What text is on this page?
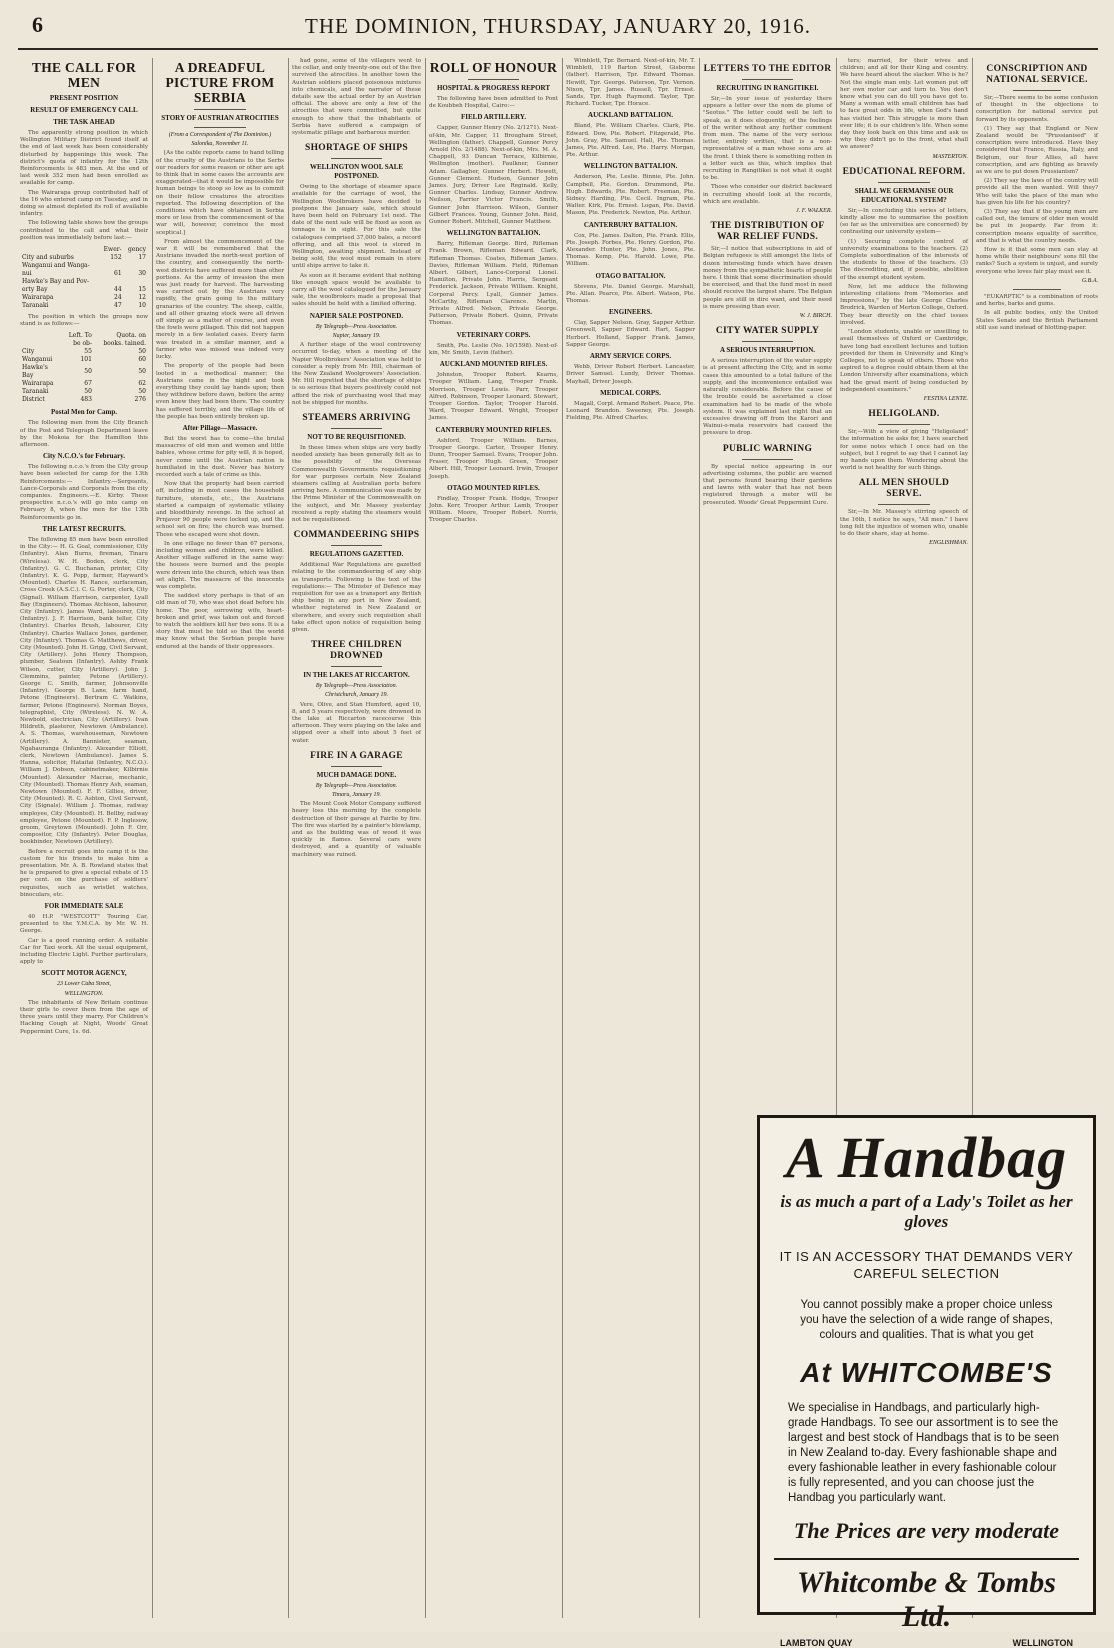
6	THE DOMINION, THURSDAY, JANUARY 20, 1916.
THE CALL FOR MEN
PRESENT POSITION
RESULT OF EMERGENCY CALL
THE TASK AHEAD

The apparently strong position in which Wellington Military District found itself at the end of last week has been considerably disturbed by happenings this week. The district's quota of infantry for the 12th Reinforcements is 483 men. At the end of last week 352 men had been enrolled as available for camp.

The Wairarapa group contributed half of the 16 who entered camp on Tuesday, and in doing so almost depleted its roll of available infantry.

The following table shows how the groups contributed to the call and what their position was immediately before last:—

	Ewer-	gency
City and suburbs	152	17
Wanganui and Wanga-		
nui	61	30
Hawke's Bay and Pov-		
erty Bay	44	15
Wairarapa	24	12
Taranaki	47	10

The position in which the groups now stand is as follows:—

	Left. To be ob-	Quota. on books. tained.
City	55	50
Wanganui	101	60
Hawke's Bay	50	50
Wairarapa	67	62
Taranaki	50	50
District	483	276
Postal Men for Camp.

The following men from the City Branch of the Post and Telegraph Department leave by the Mokoia for the Hamilton this afternoon.

City N.C.O.'s for February.

The following n.c.o.'s from the City group have been selected for camp for the 13th Reinforcements:— Infantry.—Sergeants, Lance-Corporals and Corporals from the city companies. Engineers.—E. Kirby. These prospective n.c.o.'s will go into camp on February 8, when the men for the 13th Reinforcements go in.

THE LATEST RECRUITS.

The following 85 men have been enrolled in the City:— H. G. Goal, commissioner, City (Infantry). Alan Burns, fireman, Tinaru (Wirelesa). W. H. Boden, clerk, City (Infantry). G. C. Buchanan, printer, City (Infantry). K. G. Popp, farmer, Hayward's (Mounted). Charles H. Rance, surfaceman, Cross Creek (A.S.C.). C. G. Porter, clerk, City (Signal). William Harrison, carpenter, Lyall Bay (Engineers). Thomas Atchison, labourer, City (Infantry). James Ward, labourer, City (Infantry). J. F. Harrison, bank teller, City (Infantry). Charles Brush, labourer, City (Infantry). Charles Wallace Jones, gardener, City (Infantry). Thomas G. Matthews, driver, City (Mounted). John H. Grigg, Civil Servant, City (Artillery). John Henry Thompson, plumber, Seatoun (Infantry). Ashby Frank Wilson, cutter, City (Artillery). John J. Clemmins, painter, Petone (Artillery). George C. Smith, farmer, Johnsonville (Infantry). George B. Lane, farm hand, Petone (Engineers). Bertram C. Watkins, farmer, Petone (Engineers). Norman Boyes, telegraphist, City (Wireless). N. W. A. Newbold, electrician, City (Artillery). Ivan Hildreth, plasterer, Newtown (Ambulance). A. S. Thomas, warehouseman, Newtown (Artillery). A. Bannister, seaman, Ngahauranga (Infantry). Alexander Elliott, clerk, Newtown (Ambulance). James S. Hanna, solicitor, Hataitai (Infantry, N.C.O.). William J. Dobson, cabinetmaker, Kilbirnie (Mounted). Alexander Macrae, mechanic, City (Mounted). Thomas Henry Ash, seaman, Newtown (Mounted). F. F. Gillies, driver, City (Mounted). R. C. Ashton, Civil Servant, City (Signals). William J. Thomas, railway employee, City (Mounted). H. Bellby, railway employee, Petone (Mounted). F. P. Inglesow, groom, Greytown (Mounted). John F. Orr, compositor, City (Infantry). Peter Douglas, bookbinder, Newtown (Artillery).

Before a recruit goes into camp it is the custom for his friends to make him a presentation. Mr. A. B. Rowland states that he is prepared to give a special rebate of 15 per cent. on the purchase of soldiers' requisites, such as wristlet watches, binoculars, etc.

FOR IMMEDIATE SALE

40 H.P. "WESTCOTT" Touring Car, presented to the Y.M.C.A. by Mr. W. H. George.

Car is a good running order. A suitable Car for Taxi work. All the usual equipment, including Electric Light. Further particulars, apply to

SCOTT MOTOR AGENCY,
23 Lower Cuba Street,
WELLINGTON.

The inhabitants of New Britain continue their girls to cover them from the age of three years until they marry. For Children's Hacking Cough at Night, Woods' Great Peppermint Cure, 1s. 6d.

A DREADFUL PICTURE FROM SERBIA
STORY OF AUSTRIAN ATROCITIES
(From a Correspondent of The Dominion.)
Salonika, November 11.

[As the cable reports came to hand telling of the cruelty of the Austrians to the Serbs our readers for some reason or other are apt to think that in some cases the accounts are exaggerated—that it would be impossible for human beings to stoop so low as to commit on their fellow creatures the atrocities reported. The following description of the conditions which have obtained in Serbia more or less from the commencement of the war will, however, convince the most sceptical.]

From almost the commencement of the war it will be remembered that the Austrians invaded the north-west portion of the country, and consequently the north-west districts have suffered more than other portions. As the army of invasion the men was just ready for harvest. The harvesting was carried out by the Austrians very rapidly, the grain going to the military granaries of the country. The sheep, cattle, and all other grazing stock were all driven off simply as a matter of course, and even the fowls were pillaged. This did not happen merely in a few isolated cases. Every farm was treated in a similar manner, and a farmer who was missed was indeed very lucky.

The property of the people had been looted in a methodical manner; the Austrians came in the night and took everything they could lay hands upon; then they withdrew before dawn, before the army even knew they had been there. The country has suffered terribly, and the village life of the people has been entirely broken up.

After Pillage—Massacre.

But the worst has to come—the brutal massacres of old men and women and little babies, whose crime for pity will, it is hoped, never come until the Austrian nation is humiliated in the dust. Never has history recorded such a tale of crime as this.

Now that the property had been carried off, including in most cases the household furniture, utensils, etc., the Austrians started a campaign of systematic villainy and bloodthirsty revenge. In the school at Prnjavor 90 people were locked up, and the school set on fire; the church was burned. Those who escaped were shot down.

In one village no fewer than 67 persons, including women and children, were killed. Another village suffered in the same way: the houses were burned and the people were driven into the church, which was then set alight. The massacre of the innocents was complete.

The saddest story perhaps is that of an old man of 70, who was shot dead before his home. The poor, sorrowing wife, heart-broken and grief, was taken out and forced to watch the soldiers kill her two sons. It is a story that must be told so that the world may know what the Serbian people have endured at the hands of their oppressors.

had gone, some of the villagers went to the cellar, and only twenty-one out of the five survived the atrocities. In another town the Austrian soldiers placed poisonous mixtures into chemicals, and the narrator of these details saw the actual order by an Austrian official. The above are only a few of the atrocities that were committed, but quite enough to show that the inhabitants of Serbia have suffered a campaign of systematic pillage and barbarous murder.

SHORTAGE OF SHIPS
WELLINGTON WOOL SALE POSTPONED.

Owing to the shortage of steamer space available for the carriage of wool, the Wellington Woolbrokers have decided to postpone the January sale, which should have been held on February 1st next. The date of the next sale will be fixed as soon as tonnage is in sight. For this sale the catalogues comprised 37,000 bales, a record offering, and all this wool is stored in Wellington, awaiting shipment. Instead of being sold, the wool must remain in store until ships arrive to take it.

As soon as it became evident that nothing like enough space would be available to carry all the wool catalogued for the January sale, the woolbrokers made a proposal that sales should be held with a limited offering.

NAPIER SALE POSTPONED.
By Telegraph—Press Association.
Napier, January 19.

A further stage of the wool controversy occurred to-day, when a meeting of the Napier Woolbrokers' Association was held to consider a reply from Mr. Hill, chairman of the New Zealand Woolgrowers' Association. Mr. Hill regretted that the shortage of ships is so serious that buyers positively could not afford the risk of purchasing wool that may not be shipped for months.

STEAMERS ARRIVING
NOT TO BE REQUISITIONED.

In these times when ships are very badly needed anxiety has been generally felt as to the possibility of the Overseas Commonwealth Governments requisitioning for war purposes certain New Zealand steamers calling at Australian ports before arriving here. A communication was made by the Prime Minister of the Commonwealth on the subject, and Mr. Massey yesterday received a reply stating the steamers would not be requisitioned.

COMMANDEERING SHIPS
REGULATIONS GAZETTED.

Additional War Regulations are gazetted relating to the commandeering of any ship as transports. Following is the text of the regulations:— The Minister of Defence may requisition for use as a transport any British ship being in any port in New Zealand, whether registered in New Zealand or elsewhere, and every such requisition shall take effect upon notice of requisition being given.

THREE CHILDREN DROWNED
IN THE LAKES AT RICCARTON.
By Telegraph—Press Association.
Christchurch, January 19.

Vere, Olive, and Stan Humford, aged 10, 8, and 5 years respectively, were drowned in the lake at Riccarton racecourse this afternoon. They were playing on the lake and slipped over a shelf into about 5 feet of water.

FIRE IN A GARAGE
MUCH DAMAGE DONE.
By Telegraph—Press Association.
Timaru, January 19.

The Mount Cook Motor Company suffered heavy loss this morning by the complete destruction of their garage at Fairlie by fire. The fire was started by a painter's blowlamp, and as the building was of wood it was quickly in flames. Several cars were destroyed, and a quantity of valuable machinery was ruined.

ROLL OF HONOUR
HOSPITAL & PROGRESS REPORT

The following have been admitted to Pont de Koubbeh Hospital, Cairo:—

FIELD ARTILLERY.

Capper, Gunner Henry (No. 2/1271). Next-of-kin, Mr. Capper, 11 Brougham Street, Wellington (father). Chappell, Gunner Percy Arnold (No. 2/1488). Next-of-kin, Mrs. M. A. Chappell, 93 Duncan Terrace, Kilbirnie, Wellington (mother). Faulkner, Gunner Adam. Gallagher, Gunner Herbert. Hewett, Gunner Clement. Hudson, Gunner John James. Jury, Driver Lee Reginald. Kelly, Gunner Charles. Lindsay, Gunner Andrew. Neilson, Farrier Victor Francis. Smith, Gunner John Harrison. Wilson, Gunner Gilbert Frances. Young, Gunner John. Reid, Gunner Robert. Mitchell, Gunner Matthew.

WELLINGTON BATTALION.

Barry, Rifleman George. Bird, Rifleman Frank. Brown, Rifleman Edward. Clark, Rifleman Thomas. Coates, Rifleman James. Davies, Rifleman William. Field, Rifleman Albert. Gilbert, Lance-Corporal Lionel. Hamilton, Private John. Harris, Sergeant Frederick. Jackson, Private William. Knight, Corporal Percy. Lyall, Gunner James. McCarthy, Rifleman Clarence. Martin, Private Alfred. Nelson, Private George. Patterson, Private Robert. Quinn, Private Thomas.

VETERINARY CORPS.

Smith, Pte. Leslie (No. 10/1598). Next-of-kin, Mr. Smith, Levin (father).

AUCKLAND MOUNTED RIFLES.

Johnston, Trooper Robert. Kearns, Trooper William. Lang, Trooper Frank. Morrison, Trooper Lewis. Parr, Trooper Alfred. Robinson, Trooper Leonard. Stewart, Trooper Gordon. Taylor, Trooper Harold. Ward, Trooper Edward. Wright, Trooper James.

CANTERBURY MOUNTED RIFLES.

Ashford, Trooper William. Barnes, Trooper George. Carter, Trooper Henry. Dunn, Trooper Samuel. Evans, Trooper John. Fraser, Trooper Hugh. Green, Trooper Albert. Hill, Trooper Leonard. Irwin, Trooper Joseph.

OTAGO MOUNTED RIFLES.

Findlay, Trooper Frank. Hodge, Trooper John. Kerr, Trooper Arthur. Lamb, Trooper William. Moore, Trooper Robert. Norris, Trooper Charles.

Wimblett, Tpr. Bernard. Next-of-kin, Mr. T. Wimblett, 119 Barton Street, Gisborne (father). Harrison, Tpr. Edward Thomas. Hewitt, Tpr. George. Paterson, Tpr. Vernon. Nixon, Tpr. James. Russell, Tpr. Ernest. Sands, Tpr. Hugh Raymond. Taylor, Tpr. Richard. Tucker, Tpr. Horace.

AUCKLAND BATTALION.

Bland, Pte. William Charles. Clark, Pte. Edward. Dow, Pte. Robert. Fitzgerald, Pte. John. Gray, Pte. Samuel. Hall, Pte. Thomas. James, Pte. Alfred. Lee, Pte. Harry. Morgan, Pte. Arthur.

WELLINGTON BATTALION.

Anderson, Pte. Leslie. Binnie, Pte. John. Campbell, Pte. Gordon. Drummond, Pte. Hugh. Edwards, Pte. Robert. Freeman, Pte. Sidney. Harding, Pte. Cecil. Ingram, Pte. Walter. Kirk, Pte. Ernest. Logan, Pte. David. Mason, Pte. Frederick. Newton, Pte. Arthur.

CANTERBURY BATTALION.

Cox, Pte. James. Dalton, Pte. Frank. Ellis, Pte. Joseph. Forbes, Pte. Henry. Gordon, Pte. Alexander. Hunter, Pte. John. Jones, Pte. Thomas. Kemp, Pte. Harold. Lowe, Pte. William.

OTAGO BATTALION.

Stevens, Pte. Daniel George. Marshall, Pte. Allan. Pearce, Pte. Albert. Watson, Pte. Thomas.

ENGINEERS.

Clay, Sapper Nelson. Gray, Sapper Arthur. Greenwell, Sapper Edward. Hart, Sapper Herbert. Holland, Sapper Frank. James, Sapper George.

ARMY SERVICE CORPS.

Webb, Driver Robert Herbert. Lancaster, Driver Samuel. Lundy, Driver Thomas. Mayhall, Driver Joseph.

MEDICAL CORPS.

Magall, Corpl. Armand Robert. Peace, Pte. Leonard Brandon. Sweeney, Pte. Joseph. Fielding, Pte. Alfred Charles.

LETTERS TO THE EDITOR
RECRUITING IN RANGITIKEI.

Sir,—In your issue of yesterday there appears a letter over the nom de plume of "Seotus." The letter could well be left to speak, as it does eloquently, of the feelings of the writer without any further comment from men. The name of the very serious letter, entirely written, that is a non-representative of a man whose sons are at the front. I think there is something rotten in a letter such as this, which implies that recruiting in Rangitikei is not what it ought to be.

Those who consider our district backward in recruiting should look at the records, which are available.

J. F. WALKER.
THE DISTRIBUTION OF WAR RELIEF FUNDS.

Sir,—I notice that subscriptions in aid of Belgian refugees is still amongst the lists of dozen interesting funds which have drawn money from the sympathetic hearts of people here. I think that some discrimination should be exercised, and that the fund most in need should receive the largest share. The Belgian people are still in dire want, and their need is more pressing than ever.

W. J. BIRCH.
CITY WATER SUPPLY
A SERIOUS INTERRUPTION.

A serious interruption of the water supply is at present affecting the City, and in some cases this amounted to a total failure of the supply, and the inconvenience entailed was naturally considerable. Before the cause of the trouble could be ascertained a close examination had to be made of the whole system. It was explained last night that an excessive drawing off from the Karori and Wainui-o-mata reservoirs had caused the pressure to drop.

PUBLIC WARNING

By special notice appearing in our advertising columns, the public are warned that persons found bearing their gardens and lawns with water that has not been registered through a meter will be prosecuted. Woods' Great Peppermint Cure.

ters; married, for their wives and children; and all for their King and country. We have heard about the slacker. Who is he? Not the single man only. Let women put off her own motor car and turn to. You don't know what you can do till you have got to. Many a woman with small children has had to face great odds in life, when God's hand has visited her. This struggle is more than ever life; it is our children's life. When some day they look back on this time and ask us why they didn't go to the front, what shall we answer?

MASTERTON.
EDUCATIONAL REFORM.
SHALL WE GERMANISE OUR EDUCATIONAL SYSTEM?

Sir,—In concluding this series of letters, kindly allow me to summarise the position (so far as the universities are concerned) by contrasting our university system—

(1) Securing complete control of university examinations to the teachers. (2) Complete subordination of the interests of the students to those of the teachers. (3) The discrediting, and, if possible, abolition of the exempt student system.

Now, let me adduce the following interesting citations from "Memories and Impressions," by the late George Charles Brodrick, Warden of Merton College, Oxford. They bear directly on the chief issues involved.

"London students, unable or unwilling to avail themselves of Oxford or Cambridge, have long had excellent lectures and tuition provided for them in University and King's Colleges, not to speak of others. Those who aspired to a degree could obtain them at the London University after examinations, which had the great merit of being conducted by independent examiners."

FESTINA LENTE.
HELIGOLAND.

Sir,—With a view of giving "Heligoland" the information he asks for, I have searched for some notes which I once had on the subject, but I regret to say that I cannot lay my hands upon them. Wondering about the world is not healthy for such things.

ALL MEN SHOULD SERVE.

Sir,—In Mr. Massey's stirring speech of the 16th, I notice he says, "All men." I have long felt the injustice of women who, unable to do their share, stay at home.

ENGLISHMAN.
CONSCRIPTION AND NATIONAL SERVICE.

Sir,—There seems to be some confusion of thought in the objections to conscription for national service put forward by its opponents.

(1) They say that England or New Zealand would be "Prussianised" if conscription were introduced. Have they considered that France, Russia, Italy, and Belgium, our four Allies, all have conscription, and are fighting as bravely as we are to put down Prussianism?

(2) They say the laws of the country will provide all the men wanted. Will they? Who will take the place of the man who has given his life for his country?

(3) They say that if the young men are called out, the tenure of older men would be put in jeopardy. Far from it: conscription means equality of sacrifice, and that is what the country needs.

How is it that some men can stay at home while their neighbours' sons fill the ranks? Such a system is unjust, and surely everyone who loves fair play must see it.

G.B.A.

"EUKARPTIC" is a combination of roots and herbs, barks and gums.

In all public bodies, only the United States Senate and the British Parliament still use sand instead of blotting-paper.

A Handbag
is as much a part of a Lady's Toilet as her gloves
IT IS AN ACCESSORY THAT DEMANDS VERY CAREFUL SELECTION
You cannot possibly make a proper choice unless you have the selection of a wide range of shapes, colours and qualities. That is what you get
At WHITCOMBE'S
We specialise in Handbags, and particularly high-grade Handbags. To see our assortment is to see the largest and best stock of Handbags that is to be seen in New Zealand to-day. Every fashionable shape and every fashionable leather in every fashionable colour is fully represented, and you can choose just the Handbag you particularly want.
The Prices are very moderate
Whitcombe & Tombs Ltd.
LAMBTON QUAY	WELLINGTON
